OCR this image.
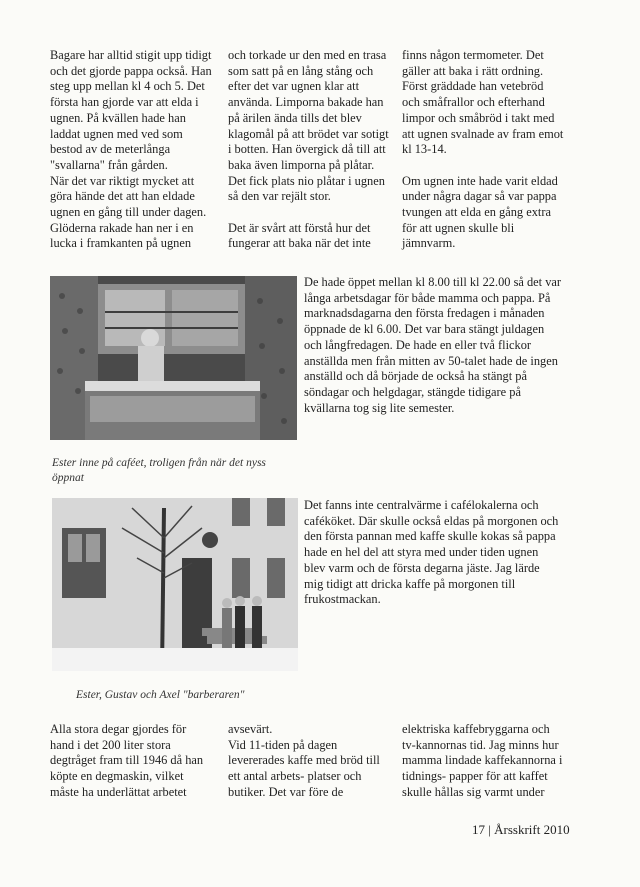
Bagare har alltid stigit upp tidigt
och det gjorde pappa också. Han
steg upp mellan kl 4 och 5. Det
första han gjorde var att elda i
ugnen. På kvällen hade han
laddat ugnen med ved som
bestod av de meterlånga
"svallarna" från gården.
När det var riktigt mycket att
göra hände det att han eldade
ugnen en gång till under dagen.
Glöderna rakade han ner i en
lucka i framkanten på ugnen

och torkade ur den med en trasa
som satt på en lång stång och
efter det var ugnen klar att
använda. Limporna bakade han
på ärilen ända tills det blev
klagomål på att brödet var sotigt
i botten. Han övergick då till att
baka även limporna på plåtar.
Det fick plats nio plåtar i ugnen
så den var rejält stor.

Det är svårt att förstå hur det
fungerar att baka när det inte

finns någon termometer. Det
gäller att baka i rätt ordning.
Först gräddade han vetebröd
och småfrallor och efterhand
limpor och småbröd i takt med
att ugnen svalnade av fram emot
kl 13-14.

Om ugnen inte hade varit eldad
under några dagar så var pappa
tvungen att elda en gång extra
för att ugnen skulle bli
jämnvarm.

De hade öppet mellan kl 8.00 till kl 22.00 så det var
långa arbetsdagar för både mamma och pappa. På
marknadsdagarna den första fredagen i månaden
öppnade de kl 6.00. Det var bara stängt juldagen
och långfredagen. De hade en eller två flickor
anställda men från mitten av 50-talet hade de ingen
anställd och då började de också ha stängt på
söndagar och helgdagar, stängde tidigare på
kvällarna tog sig lite semester.

Ester inne på caféet, troligen från när det nyss
öppnat

Det fanns inte centralvärme i cafélokalerna och
caféköket. Där skulle också eldas på morgonen och
den första pannan med kaffe skulle kokas så pappa
hade en hel del att styra med under tiden ugnen
blev varm och de första degarna jäste. Jag lärde
mig tidigt att dricka kaffe på morgonen till
frukostmackan.

Ester, Gustav och Axel "barberaren"

Alla stora degar gjordes för
hand i det 200 liter stora
degtråget fram till 1946 då han
köpte en degmaskin, vilket
måste ha underlättat arbetet

avsevärt.
Vid 11-tiden på dagen
levererades kaffe med bröd till
ett antal arbets- platser och
butiker. Det var före de

elektriska kaffebryggarna och
tv-kannornas tid. Jag minns hur
mamma lindade kaffekannorna i
tidnings- papper för att kaffet
skulle hållas sig varmt under

17 | Årsskrift 2010
